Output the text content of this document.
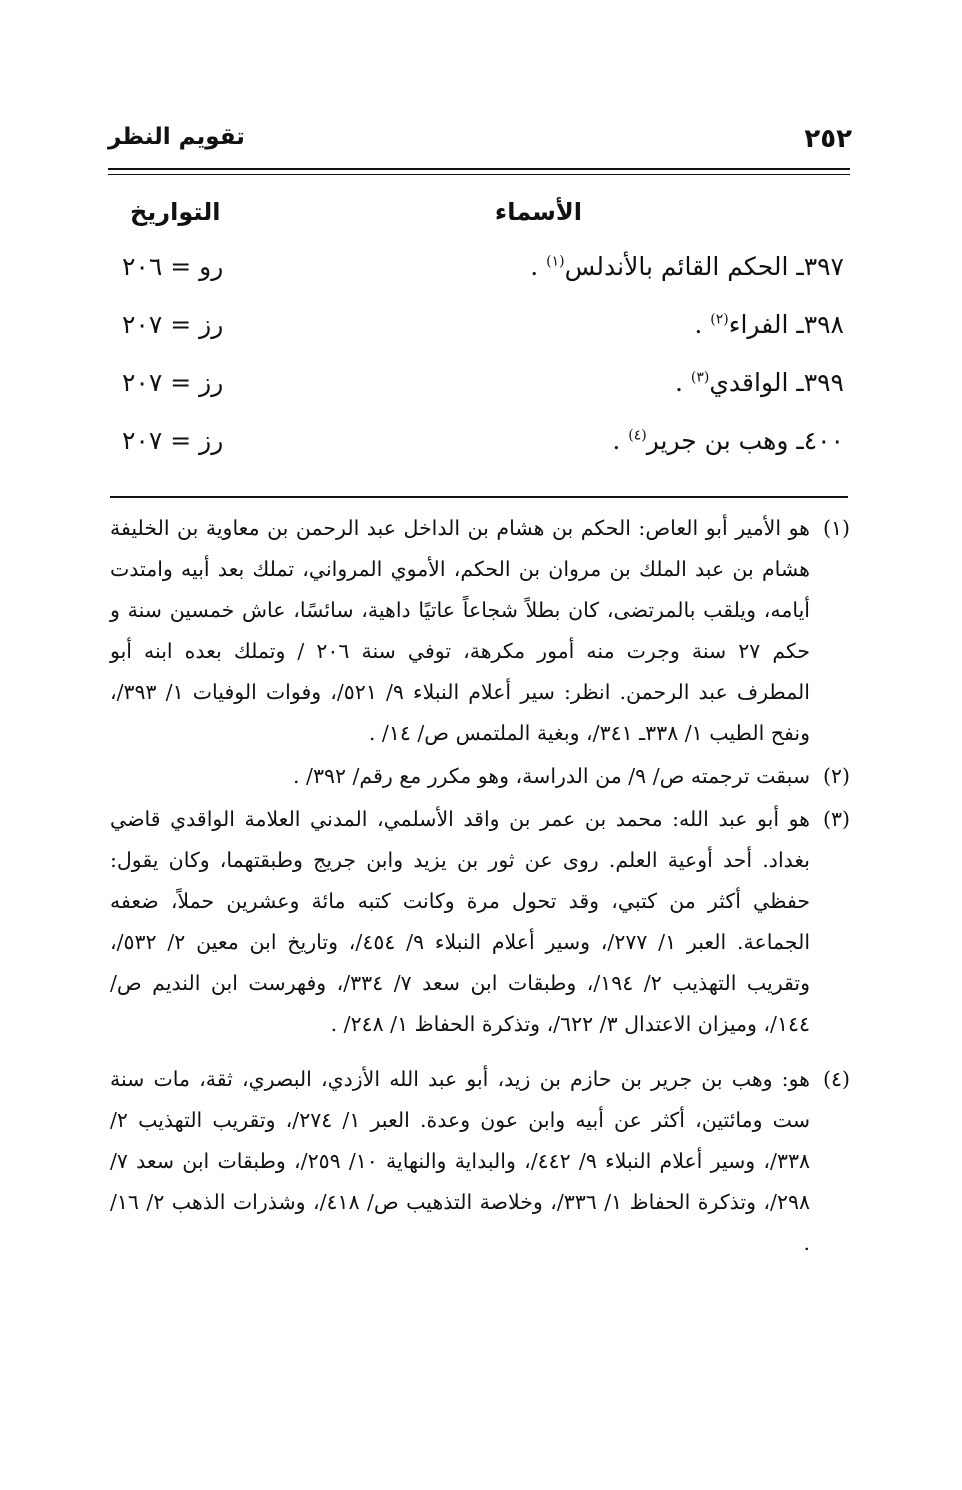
٢٥٢
تقويم النظر
الأسماء
التواريخ
٣٩٧ـ الحكم القائم بالأندلس$^{(١)}$ .
رو = ٢٠٦
٣٩٨ـ الفراء$^{(٢)}$ .
رز = ٢٠٧
٣٩٩ـ الواقدي$^{(٣)}$ .
رز = ٢٠٧
٤٠٠ـ وهب بن جرير$^{(٤)}$ .
رز = ٢٠٧
(١)
هو الأمير أبو العاص: الحكم بن هشام بن الداخل عبد الرحمن بن معاوية بن الخليفة هشام بن عبد الملك بن مروان بن الحكم، الأموي المرواني، تملك بعد أبيه وامتدت أيامه، ويلقب بالمرتضى، كان بطلاً شجاعاً عاتيًا داهية، سائسًا، عاش خمسين سنة و حكم ٢٧ سنة وجرت منه أمور مكرهة، توفي سنة ٢٠٦ / وتملك بعده ابنه أبو المطرف عبد الرحمن. انظر: سير أعلام النبلاء ٩/ ٥٢١/، وفوات الوفيات ١/ ٣٩٣/، ونفح الطيب ١/ ٣٣٨ـ ٣٤١/، وبغية الملتمس ص/ ١٤/ .
(٢)
سبقت ترجمته ص/ ٩/ من الدراسة، وهو مكرر مع رقم/ ٣٩٢/ .
(٣)
هو أبو عبد الله: محمد بن عمر بن واقد الأسلمي، المدني العلامة الواقدي قاضي بغداد. أحد أوعية العلم. روى عن ثور بن يزيد وابن جريج وطبقتهما، وكان يقول: حفظي أكثر من كتبي، وقد تحول مرة وكانت كتبه مائة وعشرين حملاً، ضعفه الجماعة. العبر ١/ ٢٧٧/، وسير أعلام النبلاء ٩/ ٤٥٤/، وتاريخ ابن معين ٢/ ٥٣٢/، وتقريب التهذيب ٢/ ١٩٤/، وطبقات ابن سعد ٧/ ٣٣٤/، وفهرست ابن النديم ص/ ١٤٤/، وميزان الاعتدال ٣/ ٦٢٢/، وتذكرة الحفاظ ١/ ٢٤٨/ .
(٤)
هو: وهب بن جرير بن حازم بن زيد، أبو عبد الله الأزدي، البصري، ثقة، مات سنة ست ومائتين، أكثر عن أبيه وابن عون وعدة. العبر ١/ ٢٧٤/، وتقريب التهذيب ٢/ ٣٣٨/، وسير أعلام النبلاء ٩/ ٤٤٢/، والبداية والنهاية ١٠/ ٢٥٩/، وطبقات ابن سعد ٧/ ٢٩٨/، وتذكرة الحفاظ ١/ ٣٣٦/، وخلاصة التذهيب ص/ ٤١٨/، وشذرات الذهب ٢/ ١٦/ .
